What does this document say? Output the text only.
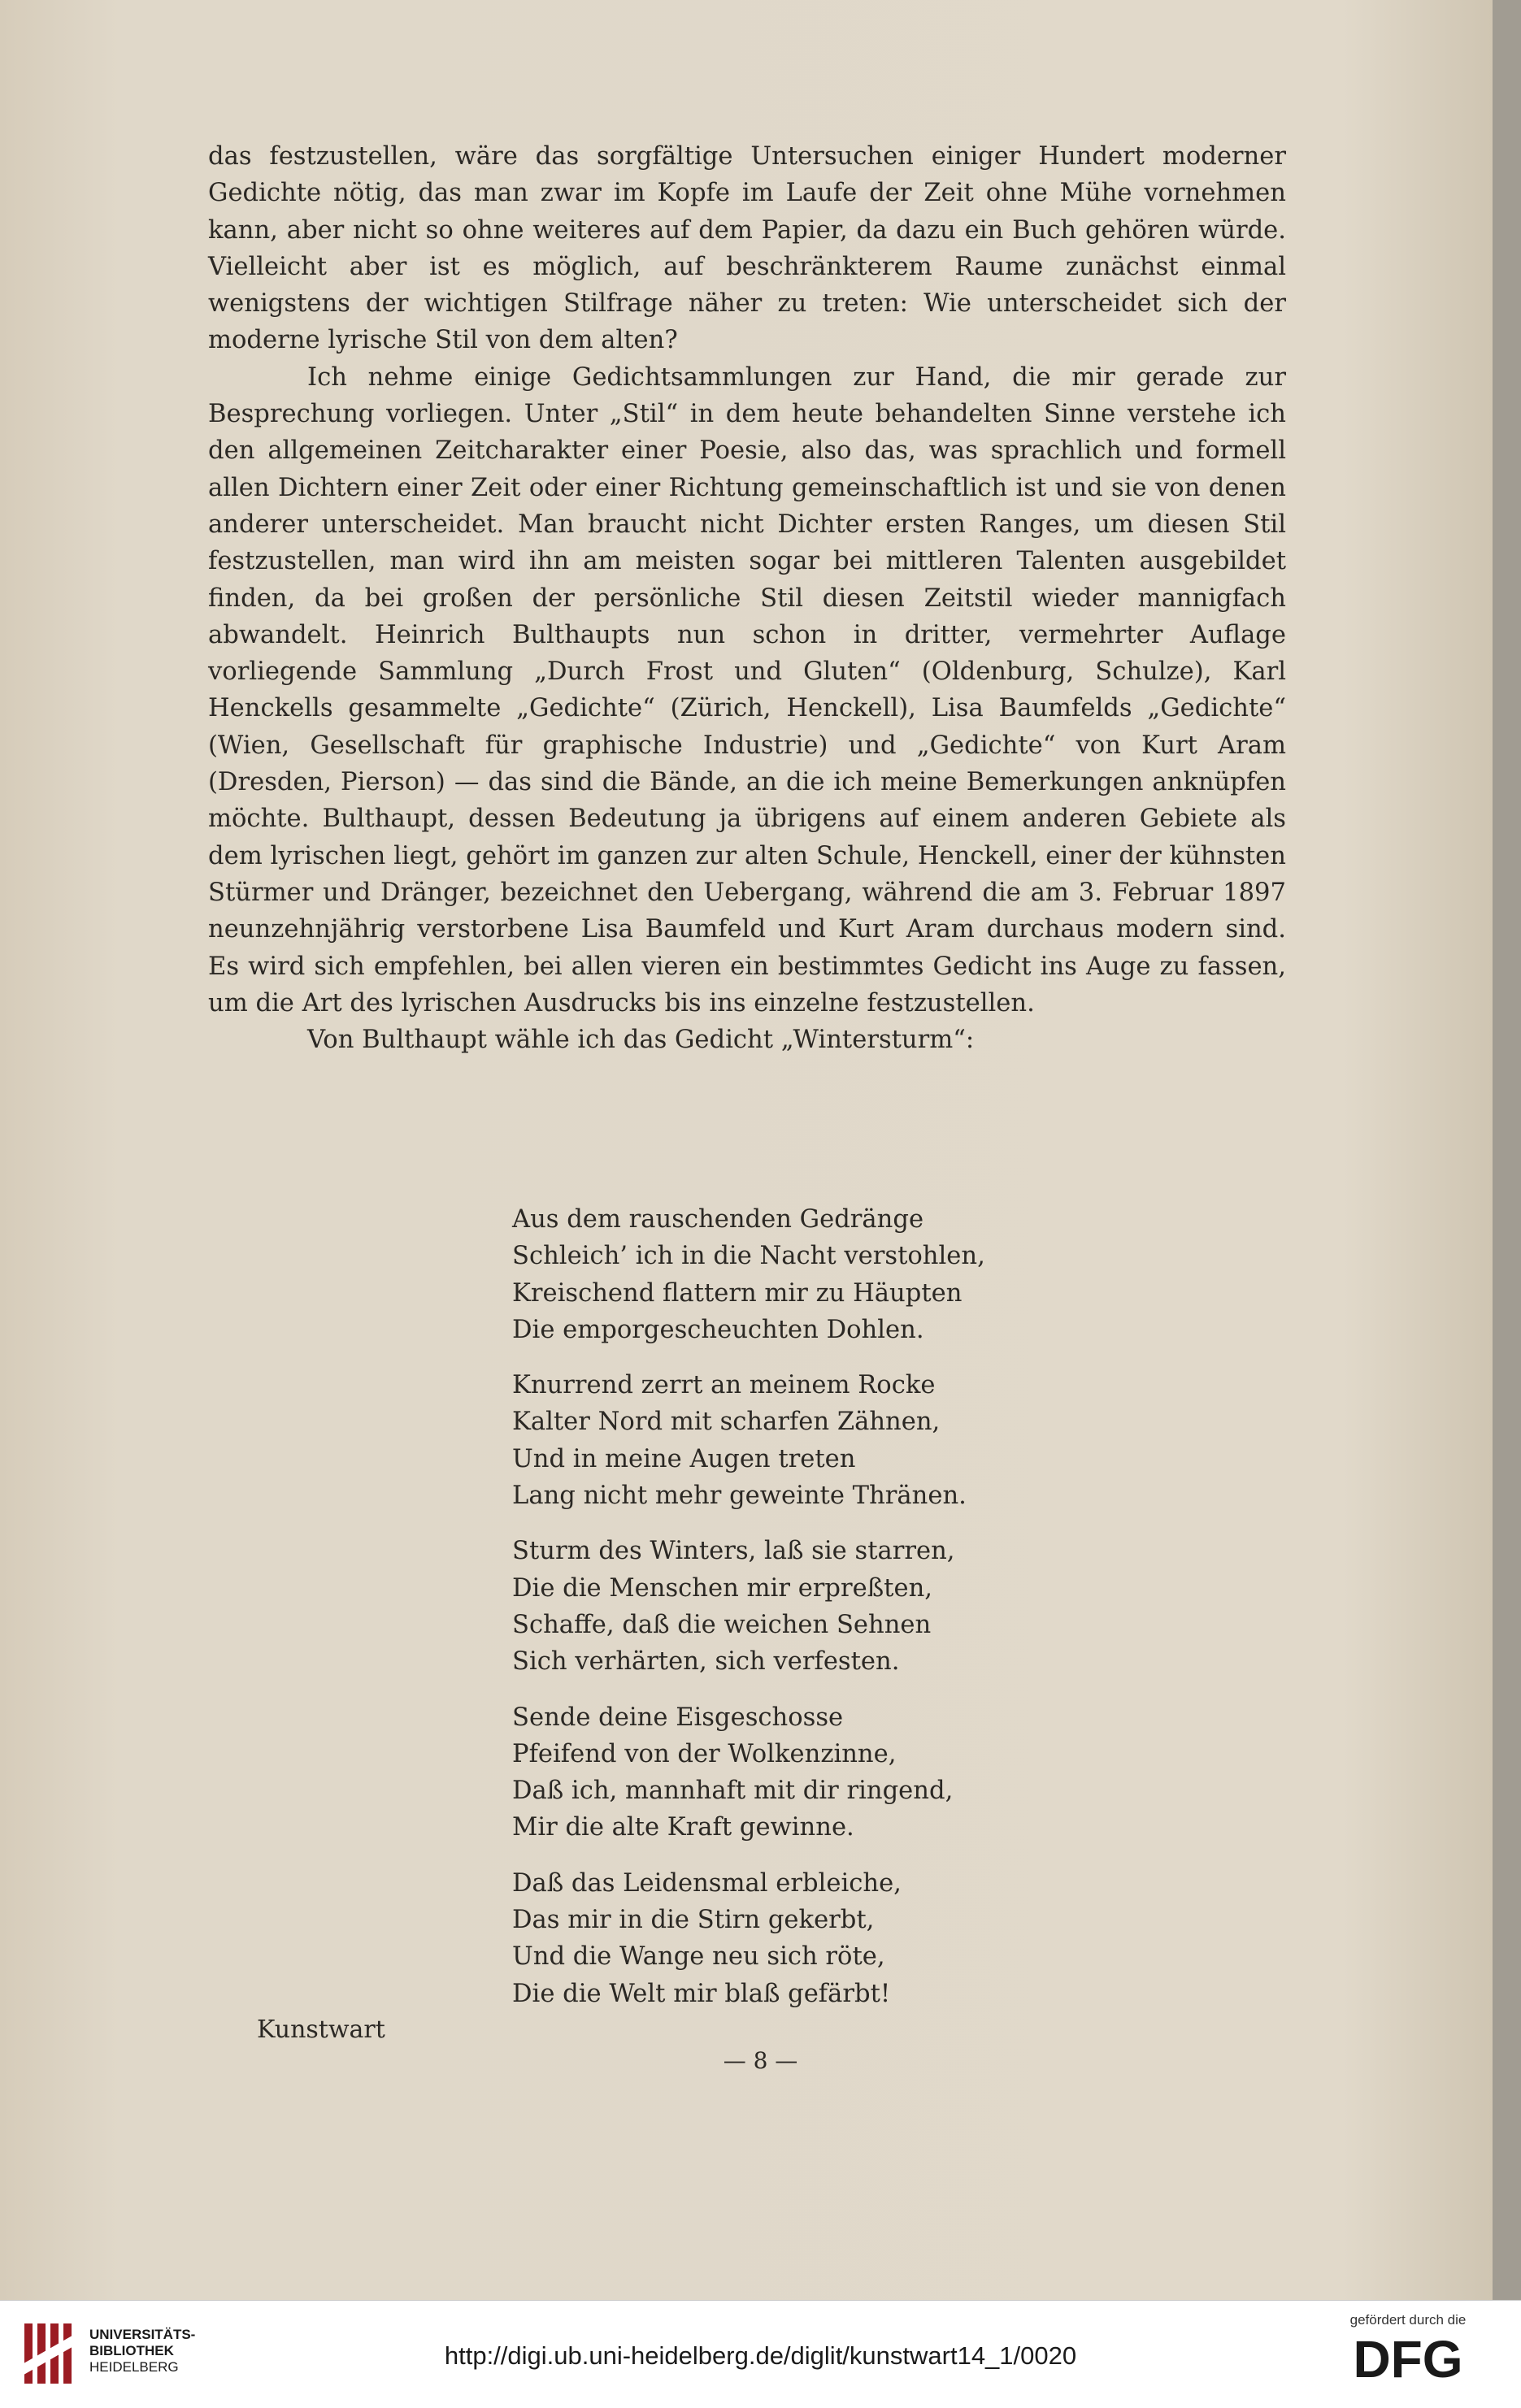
das festzustellen, wäre das sorgfältige Untersuchen einiger Hundert moderner Gedichte nötig, das man zwar im Kopfe im Laufe der Zeit ohne Mühe vornehmen kann, aber nicht so ohne weiteres auf dem Papier, da dazu ein Buch gehören würde. Vielleicht aber ist es möglich, auf beschränkterem Raume zunächst einmal wenigstens der wichtigen Stilfrage näher zu treten: Wie unterscheidet sich der moderne lyrische Stil von dem alten?

Ich nehme einige Gedichtsammlungen zur Hand, die mir gerade zur Besprechung vorliegen. Unter „Stil“ in dem heute behandelten Sinne verstehe ich den allgemeinen Zeitcharakter einer Poesie, also das, was sprachlich und formell allen Dichtern einer Zeit oder einer Richtung gemeinschaftlich ist und sie von denen anderer unterscheidet. Man braucht nicht Dichter ersten Ranges, um diesen Stil festzustellen, man wird ihn am meisten sogar bei mittleren Talenten ausgebildet finden, da bei großen der persönliche Stil diesen Zeitstil wieder mannigfach abwandelt. Heinrich Bulthaupts nun schon in dritter, vermehrter Auflage vorliegende Sammlung „Durch Frost und Gluten“ (Oldenburg, Schulze), Karl Henckells gesammelte „Gedichte“ (Zürich, Henckell), Lisa Baumfelds „Gedichte“ (Wien, Gesellschaft für graphische Industrie) und „Gedichte“ von Kurt Aram (Dresden, Pierson) — das sind die Bände, an die ich meine Bemerkungen anknüpfen möchte. Bulthaupt, dessen Bedeutung ja übrigens auf einem anderen Gebiete als dem lyrischen liegt, gehört im ganzen zur alten Schule, Henckell, einer der kühnsten Stürmer und Dränger, bezeichnet den Uebergang, während die am 3. Februar 1897 neunzehnjährig verstorbene Lisa Baumfeld und Kurt Aram durchaus modern sind. Es wird sich empfehlen, bei allen vieren ein bestimmtes Gedicht ins Auge zu fassen, um die Art des lyrischen Ausdrucks bis ins einzelne festzustellen.

Von Bulthaupt wähle ich das Gedicht „Wintersturm“:

Aus dem rauschenden Gedränge
Schleich’ ich in die Nacht verstohlen,
Kreischend flattern mir zu Häupten
Die emporgescheuchten Dohlen.
Knurrend zerrt an meinem Rocke
Kalter Nord mit scharfen Zähnen,
Und in meine Augen treten
Lang nicht mehr geweinte Thränen.
Sturm des Winters, laß sie starren,
Die die Menschen mir erpreßten,
Schaffe, daß die weichen Sehnen
Sich verhärten, sich verfesten.
Sende deine Eisgeschosse
Pfeifend von der Wolkenzinne,
Daß ich, mannhaft mit dir ringend,
Mir die alte Kraft gewinne.
Daß das Leidensmal erbleiche,
Das mir in die Stirn gekerbt,
Und die Wange neu sich röte,
Die die Welt mir blaß gefärbt!
Kunstwart
— 8 —
UNIVERSITÄTS-
BIBLIOTHEK
HEIDELBERG	http://digi.ub.uni-heidelberg.de/diglit/kunstwart14_1/0020
gefördert durch die
DFG
